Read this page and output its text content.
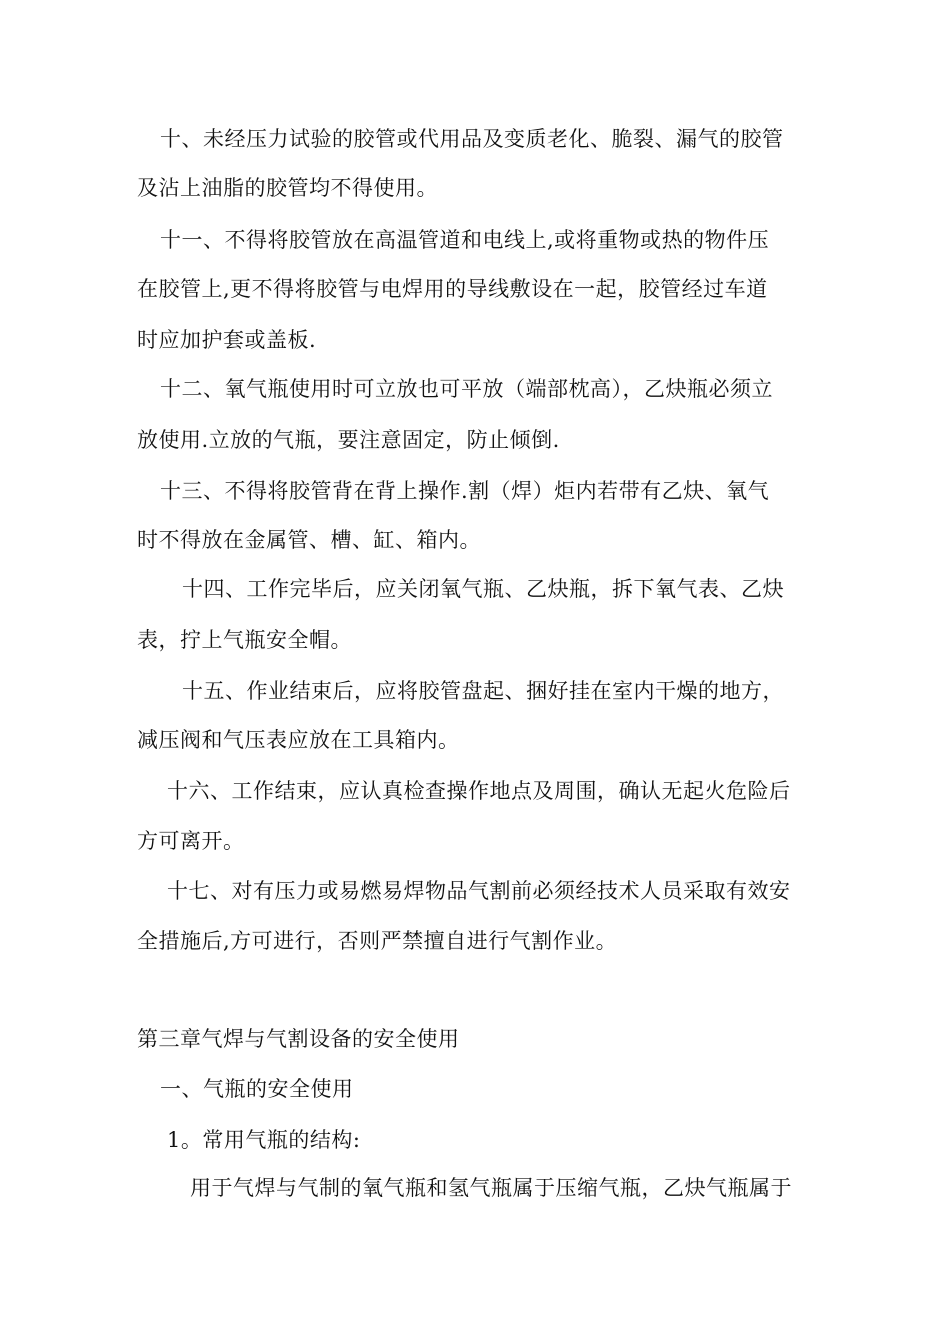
十、未经压力试验的胶管或代用品及变质老化、脆裂、漏气的胶管
及沾上油脂的胶管均不得使用。
十一、不得将胶管放在高温管道和电线上,或将重物或热的物件压
在胶管上,更不得将胶管与电焊用的导线敷设在一起，胶管经过车道
时应加护套或盖板.
十二、氧气瓶使用时可立放也可平放（端部枕高），乙炔瓶必须立
放使用.立放的气瓶，要注意固定，防止倾倒.
十三、不得将胶管背在背上操作.割（焊）炬内若带有乙炔、氧气
时不得放在金属管、槽、缸、箱内。
十四、工作完毕后，应关闭氧气瓶、乙炔瓶，拆下氧气表、乙炔
表，拧上气瓶安全帽。
十五、作业结束后，应将胶管盘起、捆好挂在室内干燥的地方，
减压阀和气压表应放在工具箱内。
十六、工作结束，应认真检查操作地点及周围，确认无起火危险后
方可离开。
十七、对有压力或易燃易焊物品气割前必须经技术人员采取有效安
全措施后,方可进行，否则严禁擅自进行气割作业。
第三章气焊与气割设备的安全使用
一、气瓶的安全使用
1。常用气瓶的结构:
用于气焊与气制的氧气瓶和氢气瓶属于压缩气瓶，乙炔气瓶属于
